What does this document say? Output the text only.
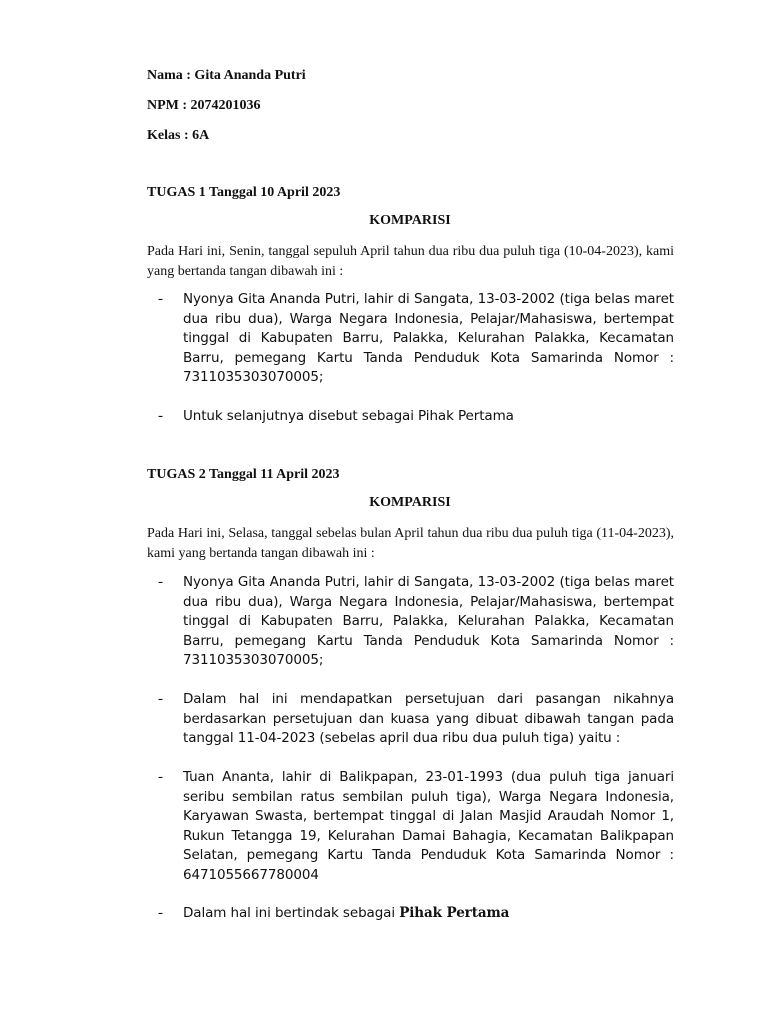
Nama : Gita Ananda Putri
NPM : 2074201036
Kelas : 6A
TUGAS 1 Tanggal 10 April 2023
KOMPARISI
Pada Hari ini, Senin, tanggal sepuluh April tahun dua ribu dua puluh tiga (10-04-2023), kami yang bertanda tangan dibawah ini :
- Nyonya Gita Ananda Putri, lahir di Sangata, 13-03-2002 (tiga belas maret dua ribu dua), Warga Negara Indonesia, Pelajar/Mahasiswa, bertempat tinggal di Kabupaten Barru, Palakka, Kelurahan Palakka, Kecamatan Barru, pemegang Kartu Tanda Penduduk Kota Samarinda Nomor : 7311035303070005;
- Untuk selanjutnya disebut sebagai Pihak Pertama
TUGAS 2 Tanggal 11 April 2023
KOMPARISI
Pada Hari ini, Selasa, tanggal sebelas bulan April tahun dua ribu dua puluh tiga (11-04-2023), kami yang bertanda tangan dibawah ini :
- Nyonya Gita Ananda Putri, lahir di Sangata, 13-03-2002 (tiga belas maret dua ribu dua), Warga Negara Indonesia, Pelajar/Mahasiswa, bertempat tinggal di Kabupaten Barru, Palakka, Kelurahan Palakka, Kecamatan Barru, pemegang Kartu Tanda Penduduk Kota Samarinda Nomor : 7311035303070005;
- Dalam hal ini mendapatkan persetujuan dari pasangan nikahnya berdasarkan persetujuan dan kuasa yang dibuat dibawah tangan pada tanggal 11-04-2023 (sebelas april dua ribu dua puluh tiga) yaitu :
- Tuan Ananta, lahir di Balikpapan, 23-01-1993 (dua puluh tiga januari seribu sembilan ratus sembilan puluh tiga), Warga Negara Indonesia, Karyawan Swasta, bertempat tinggal di Jalan Masjid Araudah Nomor 1, Rukun Tetangga 19, Kelurahan Damai Bahagia, Kecamatan Balikpapan Selatan, pemegang Kartu Tanda Penduduk Kota Samarinda Nomor : 6471055667780004
- Dalam hal ini bertindak sebagai Pihak Pertama
